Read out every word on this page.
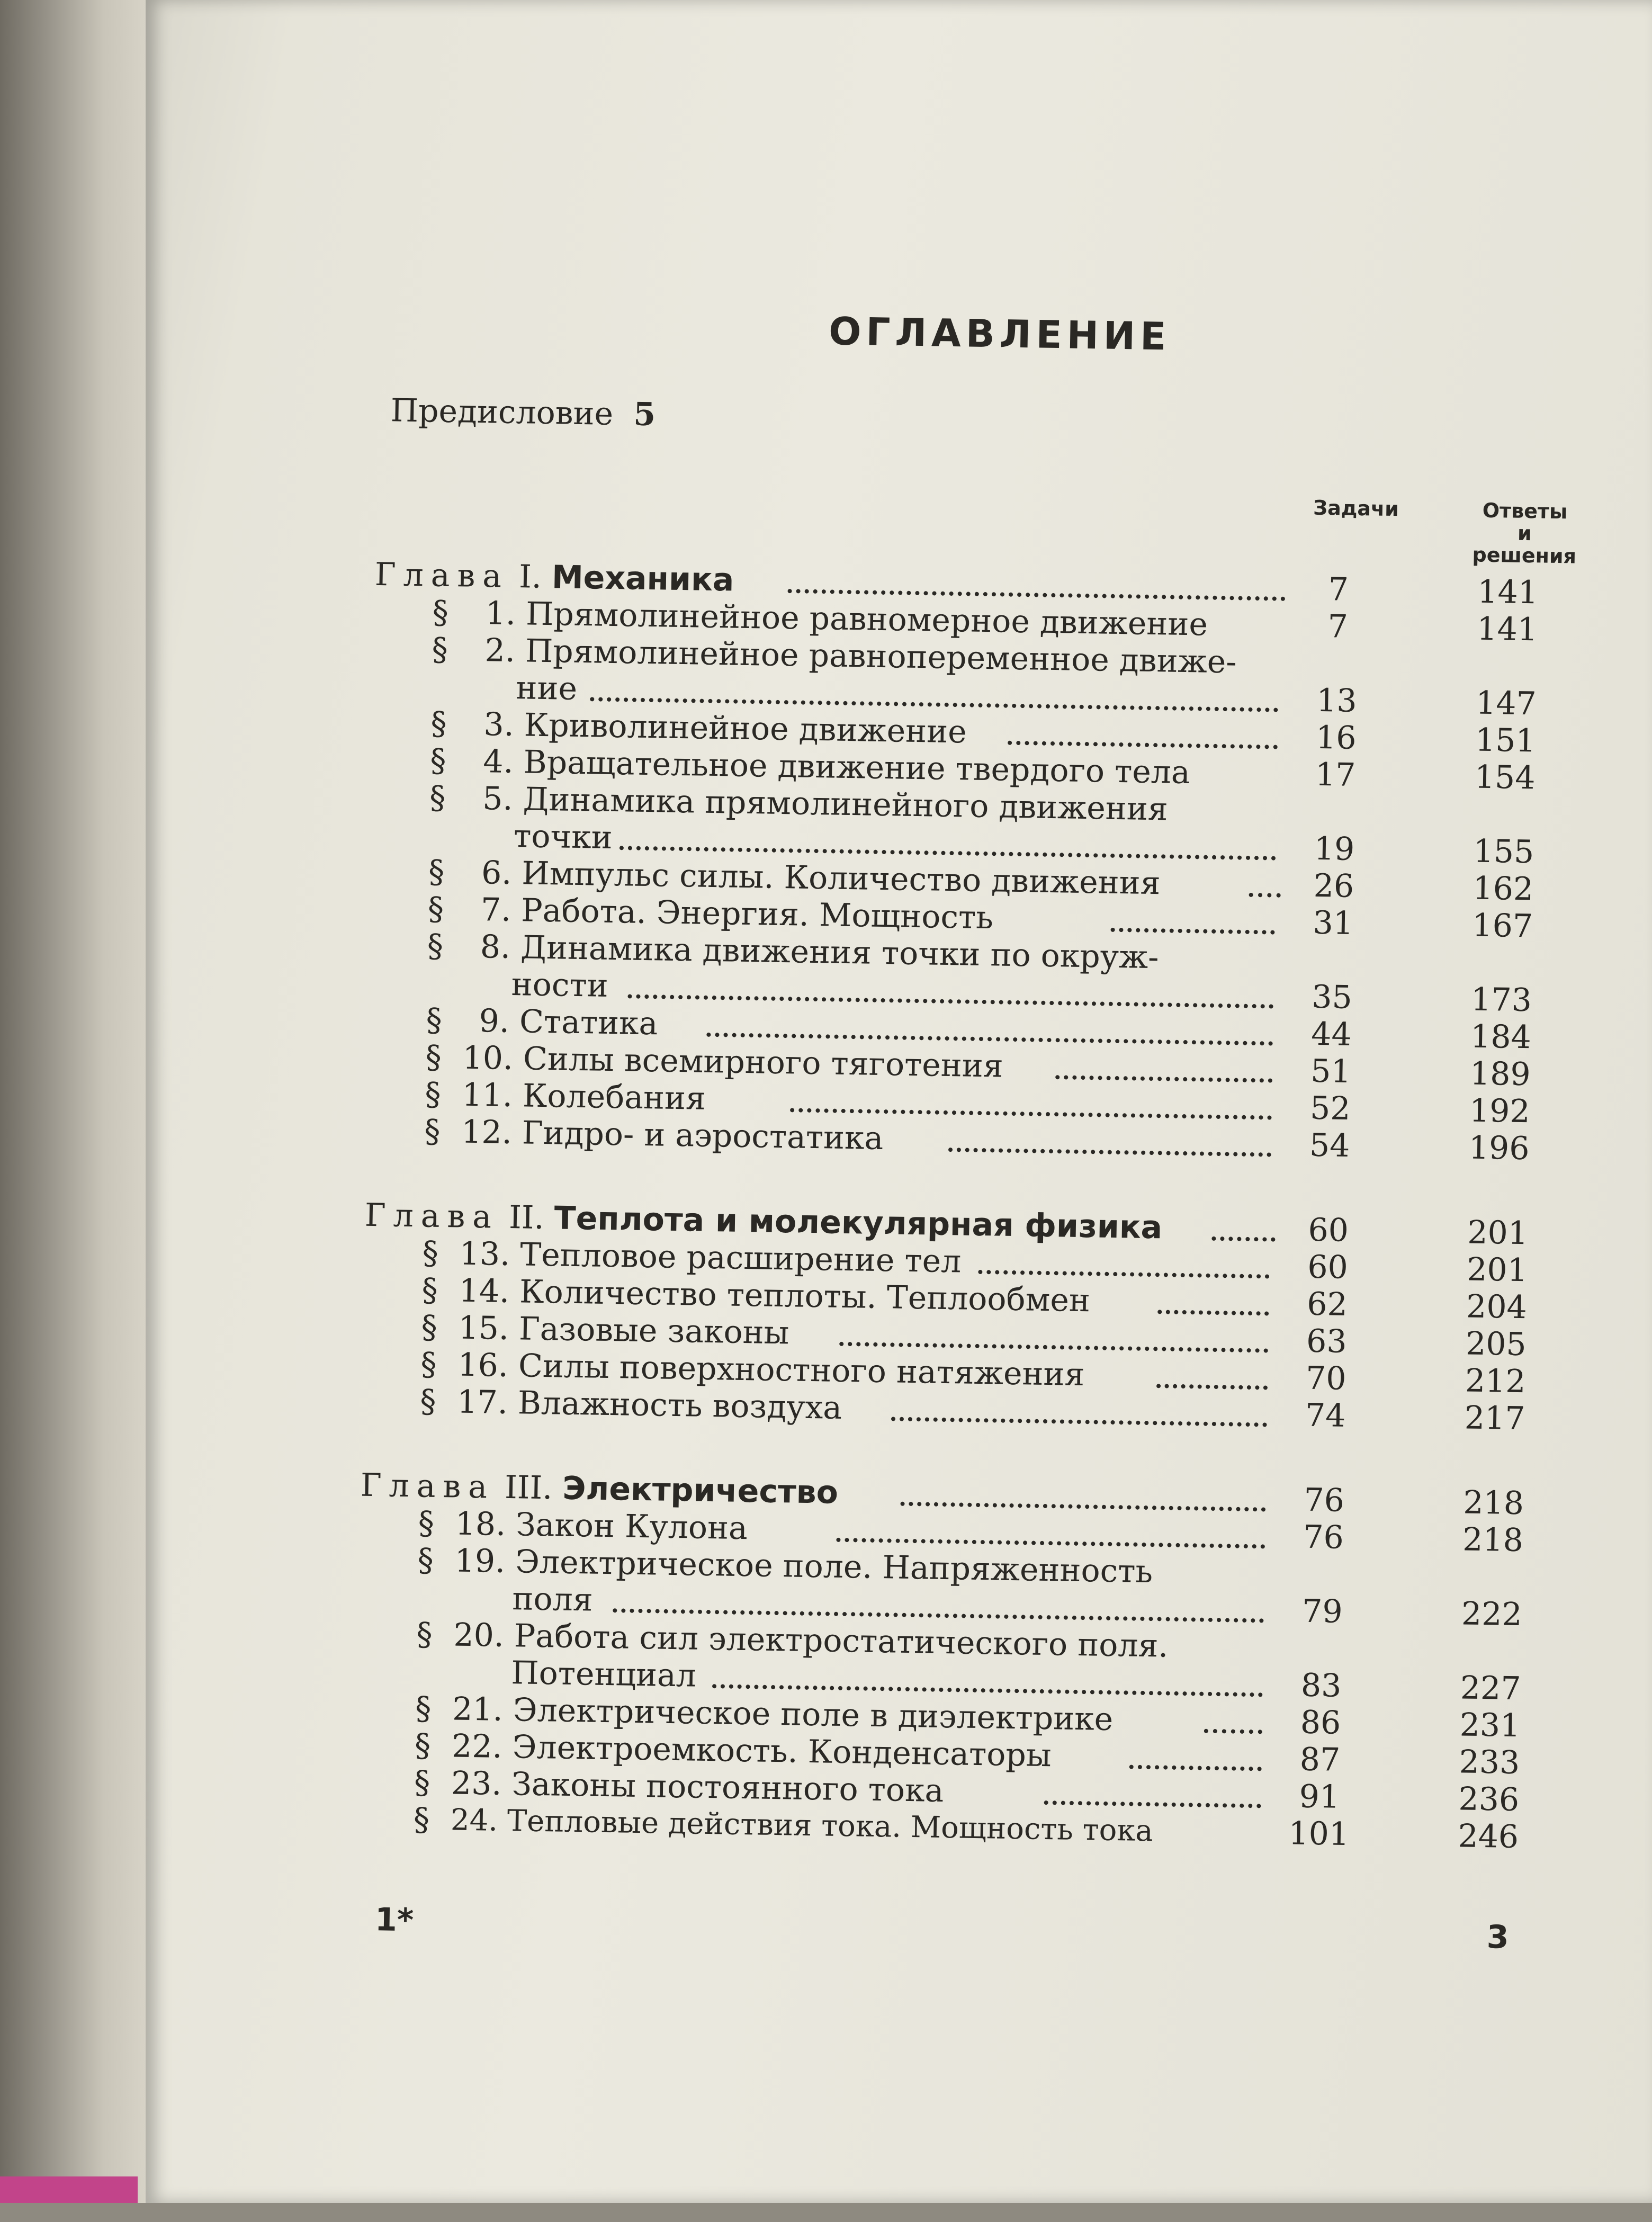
ОГЛАВЛЕНИЕ
Предисловие 5
Задачи	Ответы и решения
Глава I. Механика	7	141
§ 1. Прямолинейное равномерное движение	7	141
§ 2. Прямолинейное равнопеременное движе-
ние	13	147
§ 3. Криволинейное движение	16	151
§ 4. Вращательное движение твердого тела	17	154
§ 5. Динамика прямолинейного движения
точки	19	155
§ 6. Импульс силы. Количество движения	26	162
§ 7. Работа. Энергия. Мощность	31	167
§ 8. Динамика движения точки по окруж-
ности	35	173
§ 9. Статика	44	184
§ 10. Силы всемирного тяготения	51	189
§ 11. Колебания	52	192
§ 12. Гидро- и аэростатика	54	196
Глава II. Теплота и молекулярная физика	60	201
§ 13. Тепловое расширение тел	60	201
§ 14. Количество теплоты. Теплообмен	62	204
§ 15. Газовые законы	63	205
§ 16. Силы поверхностного натяжения	70	212
§ 17. Влажность воздуха	74	217
Глава III. Электричество	76	218
§ 18. Закон Кулона	76	218
§ 19. Электрическое поле. Напряженность
поля	79	222
§ 20. Работа сил электростатического поля.
Потенциал	83	227
§ 21. Электрическое поле в диэлектрике	86	231
§ 22. Электроемкость. Конденсаторы	87	233
§ 23. Законы постоянного тока	91	236
§ 24. Тепловые действия тока. Мощность тока	101	246
1*	3
